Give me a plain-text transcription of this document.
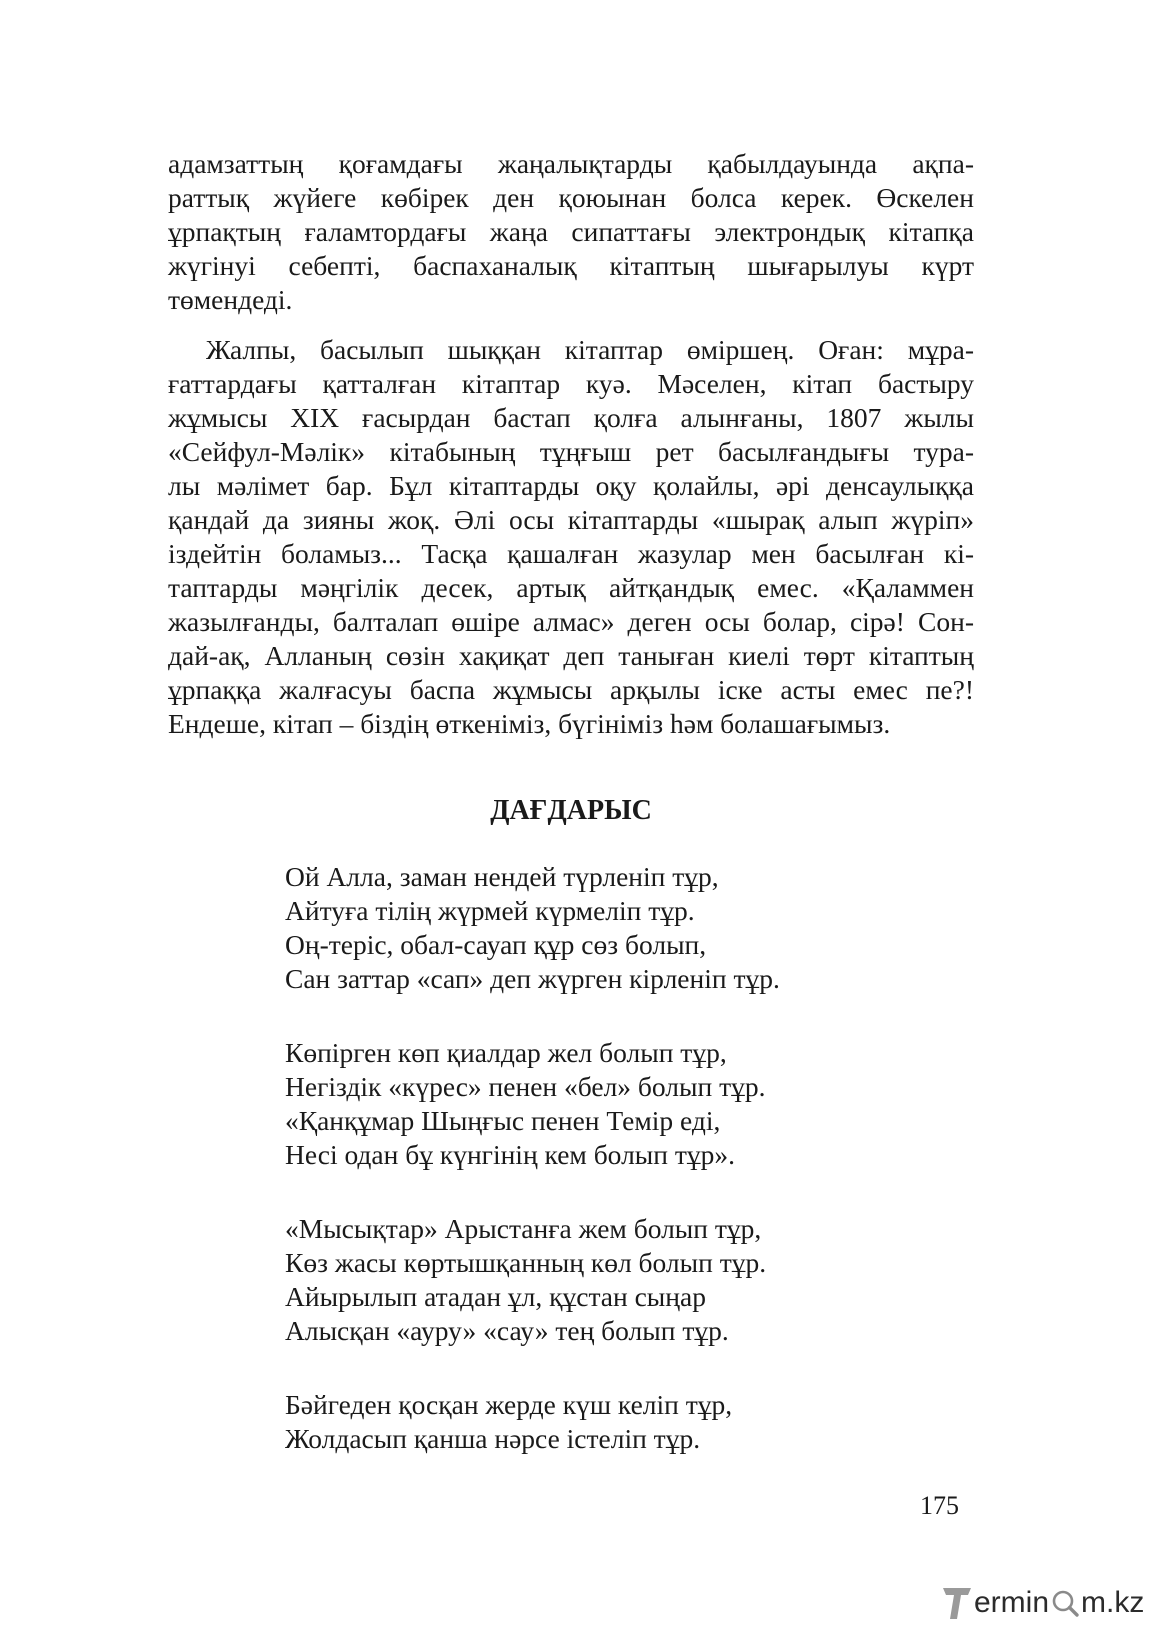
адамзаттың қоғамдағы жаңалықтарды қабылдауында ақпа-
раттық жүйеге көбірек ден қоюынан болса керек. Өскелен
ұрпақтың ғаламтордағы жаңа сипаттағы электрондық кітапқа
жүгінуі себепті, баспаханалық кітаптың шығарылуы күрт
төмендеді.
Жалпы, басылып шыққан кітаптар өміршең. Оған: мұра-
ғаттардағы қатталған кітаптар куә. Мәселен, кітап бастыру
жұмысы XIX ғасырдан бастап қолға алынғаны, 1807 жылы
«Сейфул-Мәлік» кітабының тұңғыш рет басылғандығы тура-
лы мәлімет бар. Бұл кітаптарды оқу қолайлы, әрі денсаулыққа
қандай да зияны жоқ. Әлі осы кітаптарды «шырақ алып жүріп»
іздейтін боламыз... Тасқа қашалған жазулар мен басылған кі-
таптарды мәңгілік десек, артық айтқандық емес. «Қаламмен
жазылғанды, балталап өшіре алмас» деген осы болар, сірә! Сон-
дай-ақ, Алланың сөзін хақиқат деп таныған киелі төрт кітаптың
ұрпаққа жалғасуы баспа жұмысы арқылы іске асты емес пе?!
Ендеше, кітап – біздің өткеніміз, бүгініміз һәм болашағымыз.
ДАҒДАРЫС
Ой Алла, заман нендей түрленіп тұр,
Айтуға тілің жүрмей күрмеліп тұр.
Оң-теріс, обал-сауап құр сөз болып,
Сан заттар «сап» деп жүрген кірленіп тұр.
Көпірген көп қиалдар жел болып тұр,
Негіздік «күрес» пенен «бел» болып тұр.
«Қанқұмар Шыңғыс пенен Темір еді,
Несі одан бұ күнгінің кем болып тұр».
«Мысықтар» Арыстанға жем болып тұр,
Көз жасы көртышқанның көл болып тұр.
Айырылып атадан ұл, құстан сыңар
Алысқан «ауру» «сау» тең болып тұр.
Бәйгеден қосқан жерде күш келіп тұр,
Жолдасып қанша нәрсе істеліп тұр.
175
ermin m.kz
